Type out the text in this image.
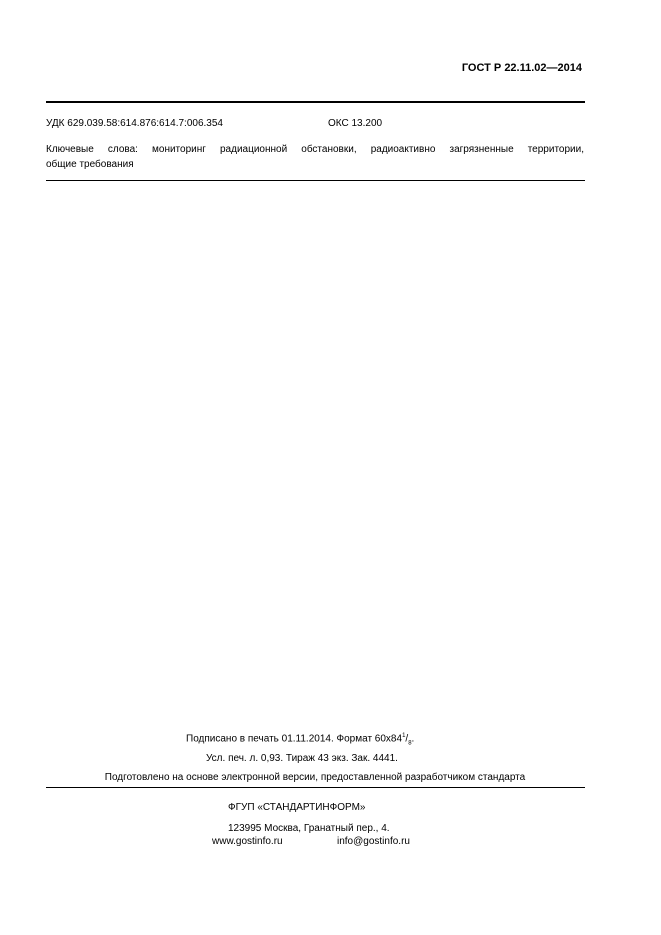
ГОСТ Р 22.11.02—2014
УДК 629.039.58:614.876:614.7:006.354	ОКС 13.200
Ключевые слова: мониторинг радиационной обстановки, радиоактивно загрязненные территории,
общие требования
Подписано в печать 01.11.2014. Формат $60x84^1/_8$.
Усл. печ. л. 0,93. Тираж 43 экз. Зак. 4441.
Подготовлено на основе электронной версии, предоставленной разработчиком стандарта
ФГУП «СТАНДАРТИНФОРМ»
123995 Москва, Гранатный пер., 4.
www.gostinfo.ru	info@gostinfo.ru
